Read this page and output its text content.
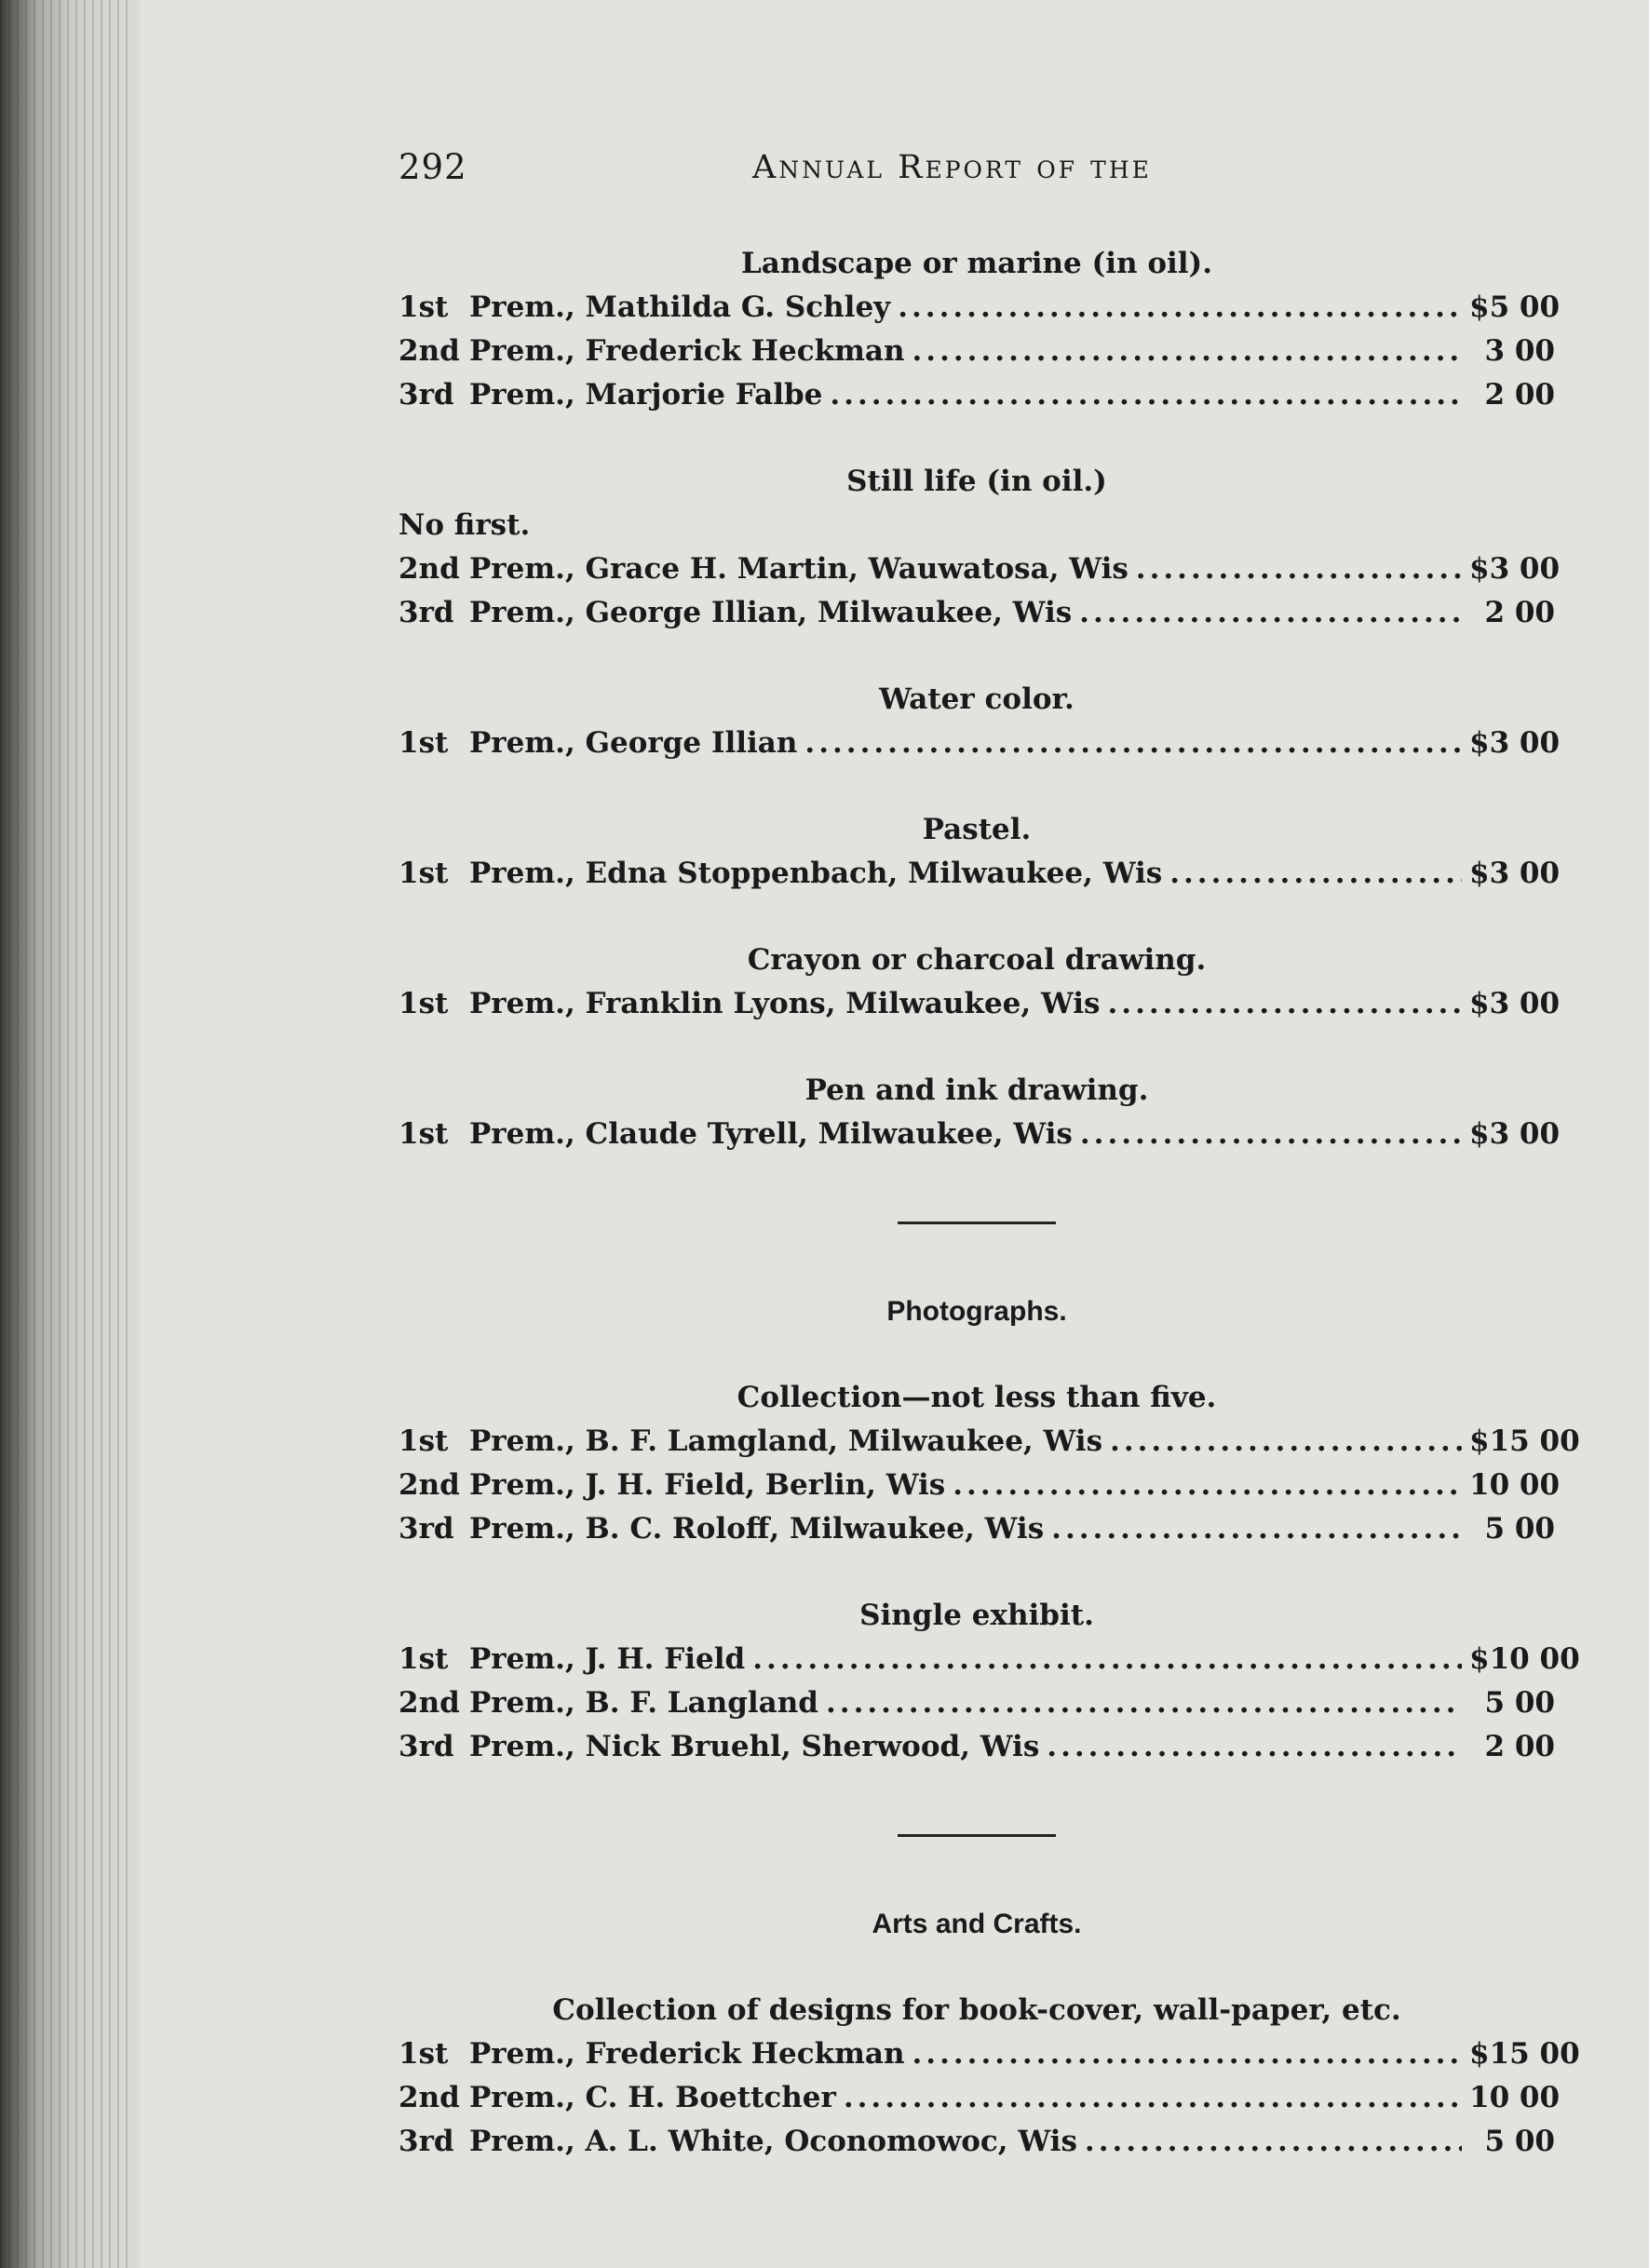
292	Annual Report of the
Landscape or marine (in oil).
1st Prem., Mathilda G. Schley .....	$5 00
2nd Prem., Frederick Heckman .....	3 00
3rd Prem., Marjorie Falbe .....	2 00
Still life (in oil.)
No first.
2nd Prem., Grace H. Martin, Wauwatosa, Wis .....	$3 00
3rd Prem., George Illian, Milwaukee, Wis .....	2 00
Water color.
1st Prem., George Illian .....	$3 00
Pastel.
1st Prem., Edna Stoppenbach, Milwaukee, Wis .....	$3 00
Crayon or charcoal drawing.
1st Prem., Franklin Lyons, Milwaukee, Wis .....	$3 00
Pen and ink drawing.
1st Prem., Claude Tyrell, Milwaukee, Wis .....	$3 00
Photographs.
Collection—not less than five.
1st Prem., B. F. Lamgland, Milwaukee, Wis .....	$15 00
2nd Prem., J. H. Field, Berlin, Wis .....	10 00
3rd Prem., B. C. Roloff, Milwaukee, Wis .....	5 00
Single exhibit.
1st Prem., J. H. Field .....	$10 00
2nd Prem., B. F. Langland .....	5 00
3rd Prem., Nick Bruehl, Sherwood, Wis .....	2 00
Arts and Crafts.
Collection of designs for book-cover, wall-paper, etc.
1st Prem., Frederick Heckman .....	$15 00
2nd Prem., C. H. Boettcher .....	10 00
3rd Prem., A. L. White, Oconomowoc, Wis .....	5 00
